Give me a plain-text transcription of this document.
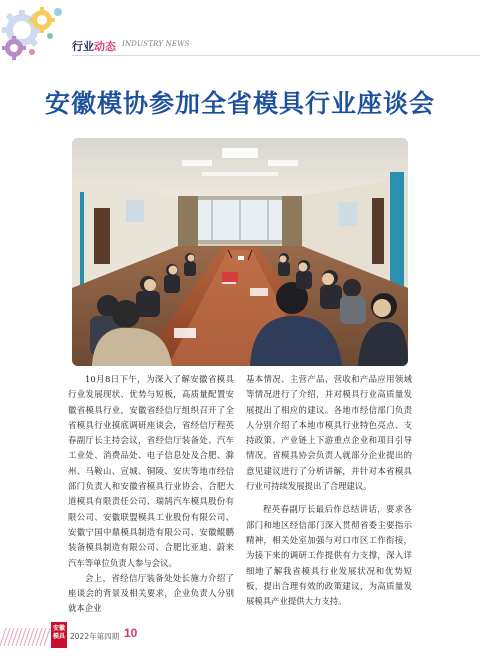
行业动态 INDUSTRY NEWS
安徽模协参加全省模具行业座谈会

10月8日下午，为深入了解安徽省模具行业发展现状、优势与短板，高质量配置安徽省模具行业，安徽省经信厅组织召开了全省模具行业摸底调研座谈会，省经信厅程英春副厅长主持会议，省经信厅装备处、汽车工业处、消费品处、电子信息处及合肥、滁州、马鞍山、宣城、铜陵、安庆等地市经信部门负责人和安徽省模具行业协会、合肥大道模具有限责任公司、瑞鹄汽车模具股份有限公司、安徽联盟模具工业股份有限公司、安徽宁国中鼎模具制造有限公司、安徽鲲鹏装备模具制造有限公司、合肥比亚迪、蔚来汽车等单位负责人参与会议。

会上，省经信厅装备处处长施力介绍了座谈会的背景及相关要求，企业负责人分别就本企业

基本情况、主营产品、营收和产品应用领域等情况进行了介绍，并对模具行业高质量发展提出了相应的建议。各地市经信部门负责人分别介绍了本地市模具行业特色亮点、支持政策、产业链上下游重点企业和项目引导情况。省模具协会负责人就部分企业提出的意见建议进行了分析讲解，并针对本省模具行业可持续发展提出了合理建议。

程英春副厅长最后作总结讲话，要求各部门和地区经信部门深入贯彻省委主要指示精神，相关处室加强与对口市区工作衔接，为接下来的调研工作提供有力支撑，深入详细地了解我省模具行业发展状况和优势短板，提出合理有效的政策建议，为高质量发展模具产业提供大力支持。

安徽
模具 2022年第四期 10
